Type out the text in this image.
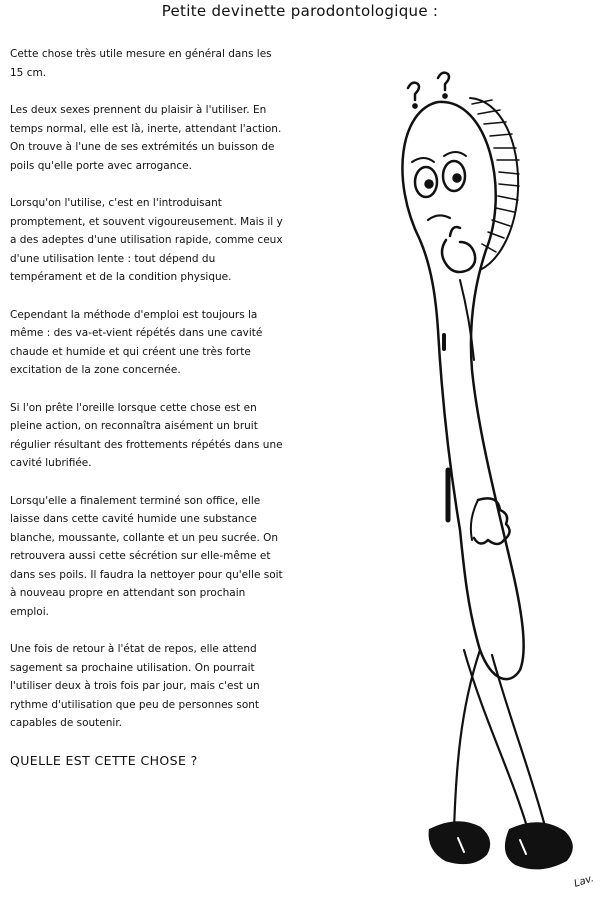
Petite devinette parodontologique :

Cette chose très utile mesure en général dans les 15 cm.

Les deux sexes prennent du plaisir à l'utiliser. En temps normal, elle est là, inerte, attendant l'action. On trouve à l'une de ses extrémités un buisson de poils qu'elle porte avec arrogance.

Lorsqu'on l'utilise, c'est en l'introduisant promptement, et souvent vigoureusement. Mais il y a des adeptes d'une utilisation rapide, comme ceux d'une utilisation lente : tout dépend du tempérament et de la condition physique.

Cependant la méthode d'emploi est toujours la même : des va-et-vient répétés dans une cavité chaude et humide et qui créent une très forte excitation de la zone concernée.

Si l'on prête l'oreille lorsque cette chose est en pleine action, on reconnaîtra aisément un bruit régulier résultant des frottements répétés dans une cavité lubrifiée.

Lorsqu'elle a finalement terminé son office, elle laisse dans cette cavité humide une substance blanche, moussante, collante et un peu sucrée. On retrouvera aussi cette sécrétion sur elle-même et dans ses poils. Il faudra la nettoyer pour qu'elle soit à nouveau propre en attendant son prochain emploi.

Une fois de retour à l'état de repos, elle attend sagement sa prochaine utilisation. On pourrait l'utiliser deux à trois fois par jour, mais c'est un rythme d'utilisation que peu de personnes sont capables de soutenir.

QUELLE EST CETTE CHOSE ?
Lav.
